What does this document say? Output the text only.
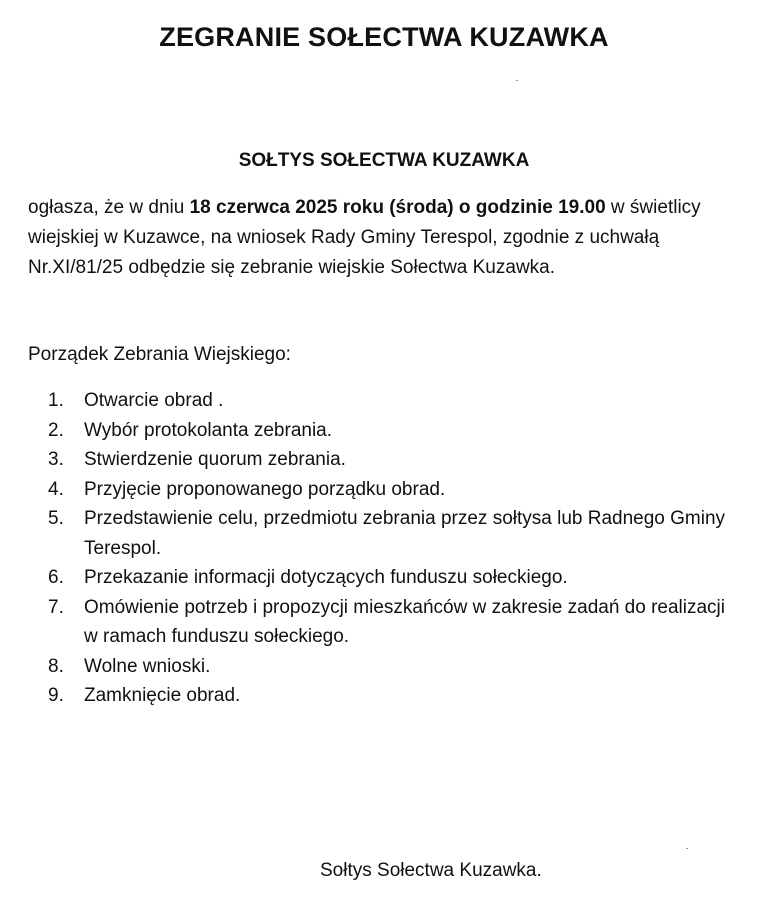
ZEGRANIE SOŁECTWA KUZAWKA
SOŁTYS SOŁECTWA KUZAWKA

ogłasza, że w dniu 18 czerwca 2025 roku (środa) o godzinie 19.00 w świetlicy wiejskiej w Kuzawce, na wniosek Rady Gminy Terespol, zgodnie z uchwałą Nr.XI/81/25 odbędzie się zebranie wiejskie Sołectwa Kuzawka.

Porządek Zebrania Wiejskiego:

1.	Otwarcie obrad .
2.	Wybór protokolanta zebrania.
3.	Stwierdzenie quorum zebrania.
4.	Przyjęcie proponowanego porządku obrad.
5.	Przedstawienie celu, przedmiotu zebrania przez sołtysa lub Radnego Gminy Terespol.
6.	Przekazanie informacji dotyczących funduszu sołeckiego.
7.	Omówienie potrzeb i propozycji mieszkańców w zakresie zadań do realizacji w ramach funduszu sołeckiego.
8.	Wolne wnioski.
9.	Zamknięcie obrad.

Sołtys Sołectwa Kuzawka.
